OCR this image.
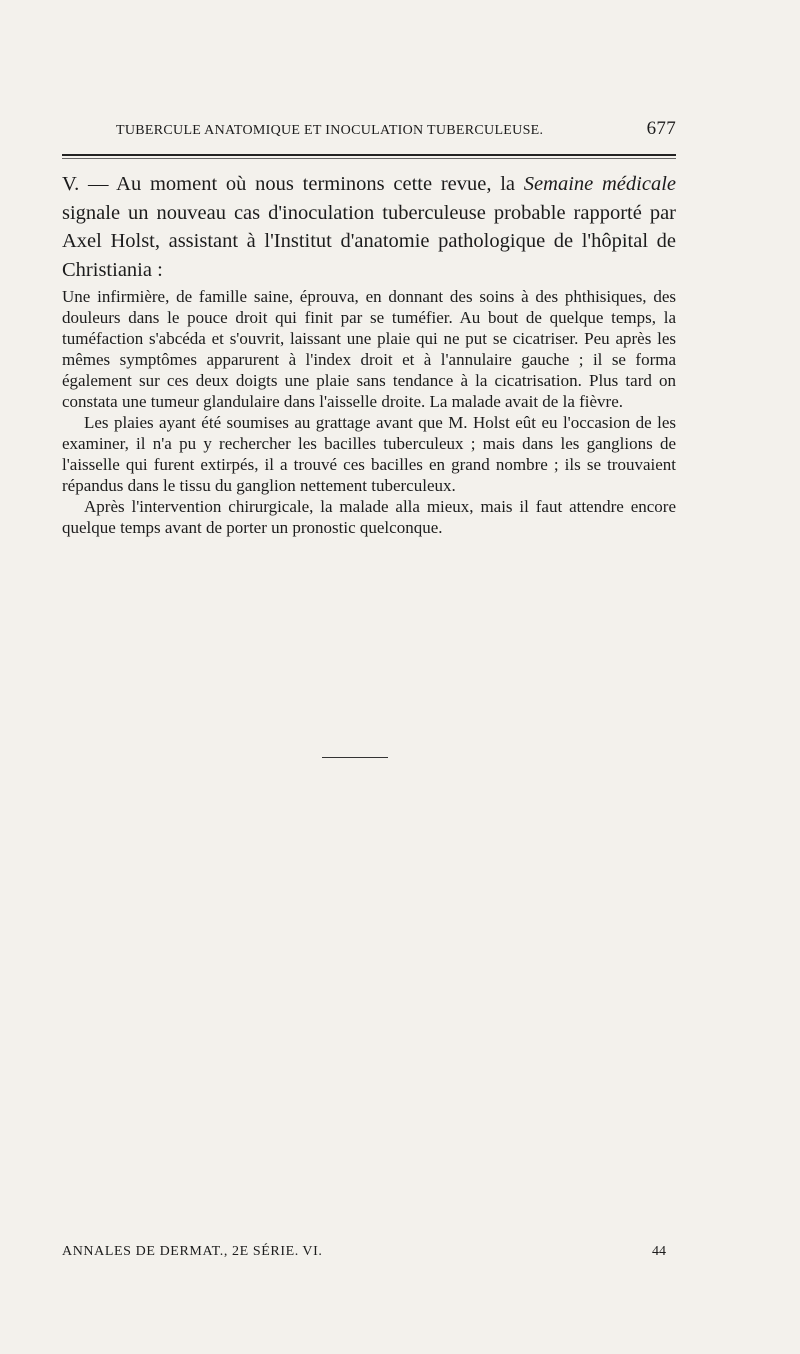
TUBERCULE ANATOMIQUE ET INOCULATION TUBERCULEUSE.	677

V. — Au moment où nous terminons cette revue, la Semaine médicale signale un nouveau cas d'inoculation tuberculeuse probable rapporté par Axel Holst, assistant à l'Institut d'anatomie pathologique de l'hôpital de Christiania :

Une infirmière, de famille saine, éprouva, en donnant des soins à des phthisiques, des douleurs dans le pouce droit qui finit par se tuméfier. Au bout de quelque temps, la tuméfaction s'abcéda et s'ouvrit, laissant une plaie qui ne put se cicatriser. Peu après les mêmes symptômes apparurent à l'index droit et à l'annulaire gauche ; il se forma également sur ces deux doigts une plaie sans tendance à la cicatrisation. Plus tard on constata une tumeur glandulaire dans l'aisselle droite. La malade avait de la fièvre.

Les plaies ayant été soumises au grattage avant que M. Holst eût eu l'occasion de les examiner, il n'a pu y rechercher les bacilles tuberculeux ; mais dans les ganglions de l'aisselle qui furent extirpés, il a trouvé ces bacilles en grand nombre ; ils se trouvaient répandus dans le tissu du ganglion nettement tuberculeux.

Après l'intervention chirurgicale, la malade alla mieux, mais il faut attendre encore quelque temps avant de porter un pronostic quelconque.

ANNALES DE DERMAT., 2E SÉRIE. VI.	44
